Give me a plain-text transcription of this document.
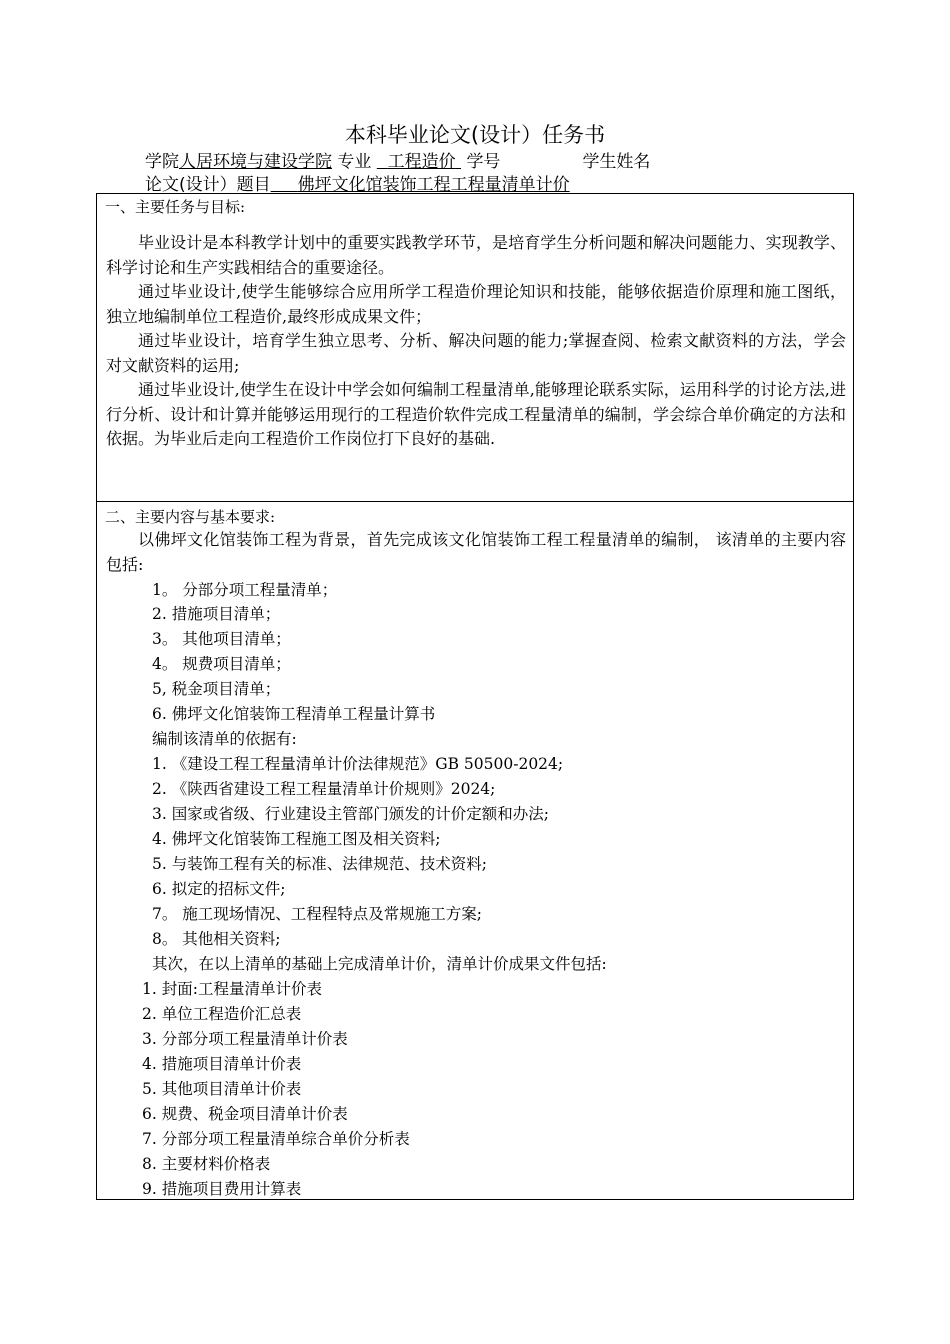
本科毕业论文(设计）任务书
学院人居环境与建设学院 专业 工程造价 学号	学生姓名
论文(设计）题目 佛坪文化馆装饰工程工程量清单计价
一、主要任务与目标:

毕业设计是本科教学计划中的重要实践教学环节，是培育学生分析问题和解决问题能力、实现教学、科学讨论和生产实践相结合的重要途径。

通过毕业设计,使学生能够综合应用所学工程造价理论知识和技能，能够依据造价原理和施工图纸，独立地编制单位工程造价,最终形成成果文件；

通过毕业设计，培育学生独立思考、分析、解决问题的能力;掌握查阅、检索文献资料的方法，学会对文献资料的运用;

通过毕业设计,使学生在设计中学会如何编制工程量清单,能够理论联系实际，运用科学的讨论方法,进行分析、设计和计算并能够运用现行的工程造价软件完成工程量清单的编制，学会综合单价确定的方法和依据。为毕业后走向工程造价工作岗位打下良好的基础.

二、主要内容与基本要求:

以佛坪文化馆装饰工程为背景，首先完成该文化馆装饰工程工程量清单的编制， 该清单的主要内容包括:

1。 分部分项工程量清单；
2. 措施项目清单；
3。 其他项目清单；
4。 规费项目清单；
5, 税金项目清单；
6. 佛坪文化馆装饰工程清单工程量计算书
编制该清单的依据有:
1. 《建设工程工程量清单计价法律规范》GB 50500-2024;
2. 《陕西省建设工程工程量清单计价规则》2024;
3. 国家或省级、行业建设主管部门颁发的计价定额和办法;
4. 佛坪文化馆装饰工程施工图及相关资料;
5. 与装饰工程有关的标准、法律规范、技术资料;
6. 拟定的招标文件;
7。 施工现场情况、工程程特点及常规施工方案;
8。 其他相关资料;
其次，在以上清单的基础上完成清单计价，清单计价成果文件包括:
1. 封面:工程量清单计价表
2. 单位工程造价汇总表
3. 分部分项工程量清单计价表
4. 措施项目清单计价表
5. 其他项目清单计价表
6. 规费、税金项目清单计价表
7. 分部分项工程量清单综合单价分析表
8. 主要材料价格表
9. 措施项目费用计算表
